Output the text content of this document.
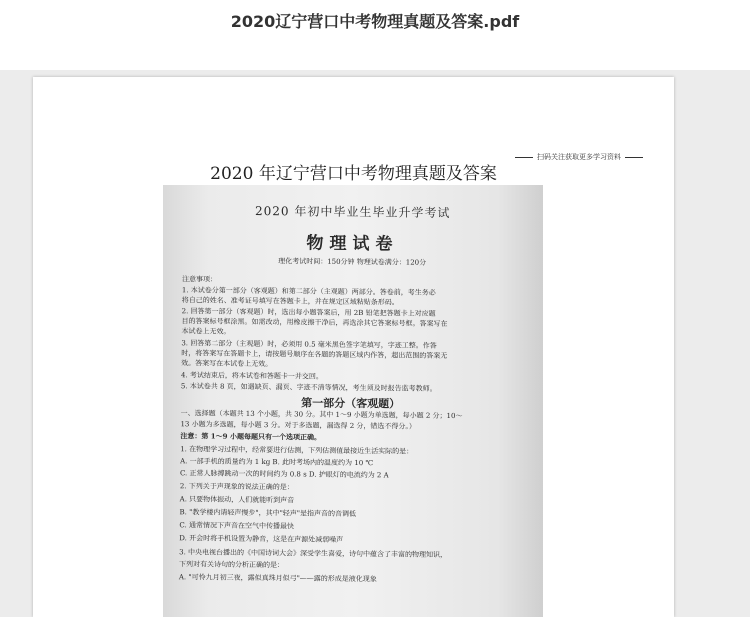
2020辽宁营口中考物理真题及答案.pdf
扫码关注获取更多学习资料
2020 年辽宁营口中考物理真题及答案
2020 年初中毕业生毕业升学考试
物理试卷
理化考试时间：150分钟 物理试卷满分：120分
注意事项：
1. 本试卷分第一部分（客观题）和第二部分（主观题）两部分。答卷前，考生务必
将自己的姓名、准考证号填写在答题卡上，并在规定区域粘贴条形码。
2. 回答第一部分（客观题）时，选出每小题答案后，用 2B 铅笔把答题卡上对应题
目的答案标号框涂黑。如需改动，用橡皮擦干净后，再选涂其它答案标号框。答案写在
本试卷上无效。
3. 回答第二部分（主观题）时，必须用 0.5 毫米黑色签字笔填写，字迹工整。作答
时，将答案写在答题卡上，请按题号顺序在各题的答题区域内作答，超出范围的答案无
效。答案写在本试卷上无效。
4. 考试结束后，将本试卷和答题卡一并交回。
5. 本试卷共 8 页，如遇缺页、漏页、字迹不清等情况，考生须及时报告监考教师。
第一部分（客观题）
一、选择题（本题共 13 个小题，共 30 分。其中 1～9 小题为单选题，每小题 2 分；10～
13 小题为多选题，每小题 3 分。对于多选题，漏选得 2 分，错选不得分。）
注意：第 1～9 小题每题只有一个选项正确。
1. 在物理学习过程中，经常要进行估测，下列估测值最接近生活实际的是：
A. 一部手机的质量约为 1 kg B. 此时考场内的温度约为 10 ℃
C. 正常人脉搏跳动一次的时间约为 0.8 s D. 护眼灯的电流约为 2 A
2. 下列关于声现象的说法正确的是：
A. 只要物体振动，人们就能听到声音
B. "教学楼内请轻声慢步"，其中"轻声"是指声音的音调低
C. 通常情况下声音在空气中传播最快
D. 开会时将手机设置为静音，这是在声源处减弱噪声
3. 中央电视台播出的《中国诗词大会》深受学生喜爱，诗句中蕴含了丰富的物理知识，
下列对有关诗句的分析正确的是：
A. "可怜九月初三夜，露似真珠月似弓"——露的形成是液化现象
